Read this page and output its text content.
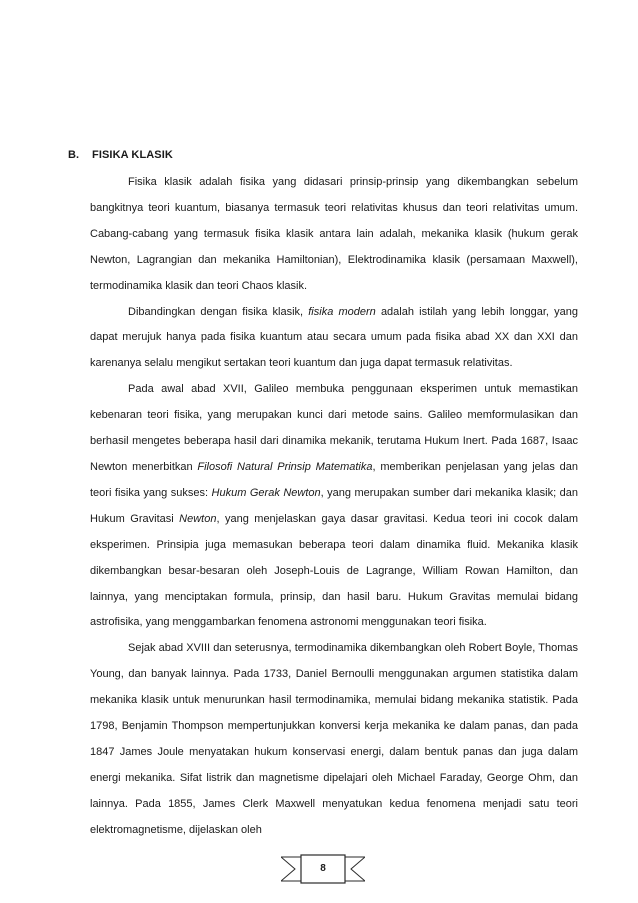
B. FISIKA KLASIK

Fisika klasik adalah fisika yang didasari prinsip-prinsip yang dikembangkan sebelum bangkitnya teori kuantum, biasanya termasuk teori relativitas khusus dan teori relativitas umum. Cabang-cabang yang termasuk fisika klasik antara lain adalah, mekanika klasik (hukum gerak Newton, Lagrangian dan mekanika Hamiltonian), Elektrodinamika klasik (persamaan Maxwell), termodinamika klasik dan teori Chaos klasik.

Dibandingkan dengan fisika klasik, fisika modern adalah istilah yang lebih longgar, yang dapat merujuk hanya pada fisika kuantum atau secara umum pada fisika abad XX dan XXI dan karenanya selalu mengikut sertakan teori kuantum dan juga dapat termasuk relativitas.

Pada awal abad XVII, Galileo membuka penggunaan eksperimen untuk memastikan kebenaran teori fisika, yang merupakan kunci dari metode sains. Galileo memformulasikan dan berhasil mengetes beberapa hasil dari dinamika mekanik, terutama Hukum Inert. Pada 1687, Isaac Newton menerbitkan Filosofi Natural Prinsip Matematika, memberikan penjelasan yang jelas dan teori fisika yang sukses: Hukum Gerak Newton, yang merupakan sumber dari mekanika klasik; dan Hukum Gravitasi Newton, yang menjelaskan gaya dasar gravitasi. Kedua teori ini cocok dalam eksperimen. Prinsipia juga memasukan beberapa teori dalam dinamika fluid. Mekanika klasik dikembangkan besar-besaran oleh Joseph-Louis de Lagrange, William Rowan Hamilton, dan lainnya, yang menciptakan formula, prinsip, dan hasil baru. Hukum Gravitas memulai bidang astrofisika, yang menggambarkan fenomena astronomi menggunakan teori fisika.

Sejak abad XVIII dan seterusnya, termodinamika dikembangkan oleh Robert Boyle, Thomas Young, dan banyak lainnya. Pada 1733, Daniel Bernoulli menggunakan argumen statistika dalam mekanika klasik untuk menurunkan hasil termodinamika, memulai bidang mekanika statistik. Pada 1798, Benjamin Thompson mempertunjukkan konversi kerja mekanika ke dalam panas, dan pada 1847 James Joule menyatakan hukum konservasi energi, dalam bentuk panas dan juga dalam energi mekanika. Sifat listrik dan magnetisme dipelajari oleh Michael Faraday, George Ohm, dan lainnya. Pada 1855, James Clerk Maxwell menyatukan kedua fenomena menjadi satu teori elektromagnetisme, dijelaskan oleh

8
